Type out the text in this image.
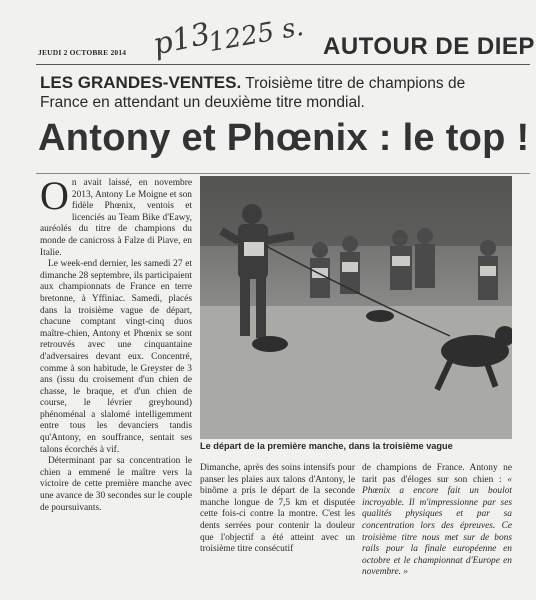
JEUDI 2 OCTOBRE 2014 p13
1225 s. AUTOUR DE DIEP
LES GRANDES-VENTES. Troisième titre de champions de France en attendant un deuxième titre mondial.
Antony et Phœnix : le top !
O n avait laissé, en novembre 2013, Antony Le Moigne et son fidèle Phœnix, ventois et licenciés au Team Bike d'Eawy, auréolés du titre de champions du monde de canicross à Falze di Piave, en Italie.

Le week-end dernier, les samedi 27 et dimanche 28 septembre, ils participaient aux championnats de France en terre bretonne, à Yffiniac. Samedi, placés dans la troisième vague de départ, chacune comptant vingt-cinq duos maître-chien, Antony et Phœnix se sont retrouvés avec une cinquantaine d'adversaires devant eux. Concentré, comme à son habitude, le Greyster de 3 ans (issu du croisement d'un chien de chasse, le braque, et d'un chien de course, le lévrier greyhound) phénoménal a slalomé intelligemment entre tous les devanciers tandis qu'Antony, en souffrance, sentait ses talons écorchés à vif.

Déterminant par sa concentration le chien a emmené le maître vers la victoire de cette première manche avec une avance de 30 secondes sur le couple de poursuivants.

Le départ de la première manche, dans la troisième vague
Dimanche, après des soins intensifs pour panser les plaies aux talons d'Antony, le binôme a pris le départ de la seconde manche longue de 7,5 km et disputée cette fois-ci contre la montre. C'est les dents serrées pour contenir la douleur que l'objectif a été atteint avec un troisième titre consécutif
de champions de France. Antony ne tarit pas d'éloges sur son chien : « Phœnix a encore fait un boulot incroyable. Il m'impressionne par ses qualités physiques et par sa concentration lors des épreuves. Ce troisième titre nous met sur de bons rails pour la finale européenne en octobre et le championnat d'Europe en novembre. »
